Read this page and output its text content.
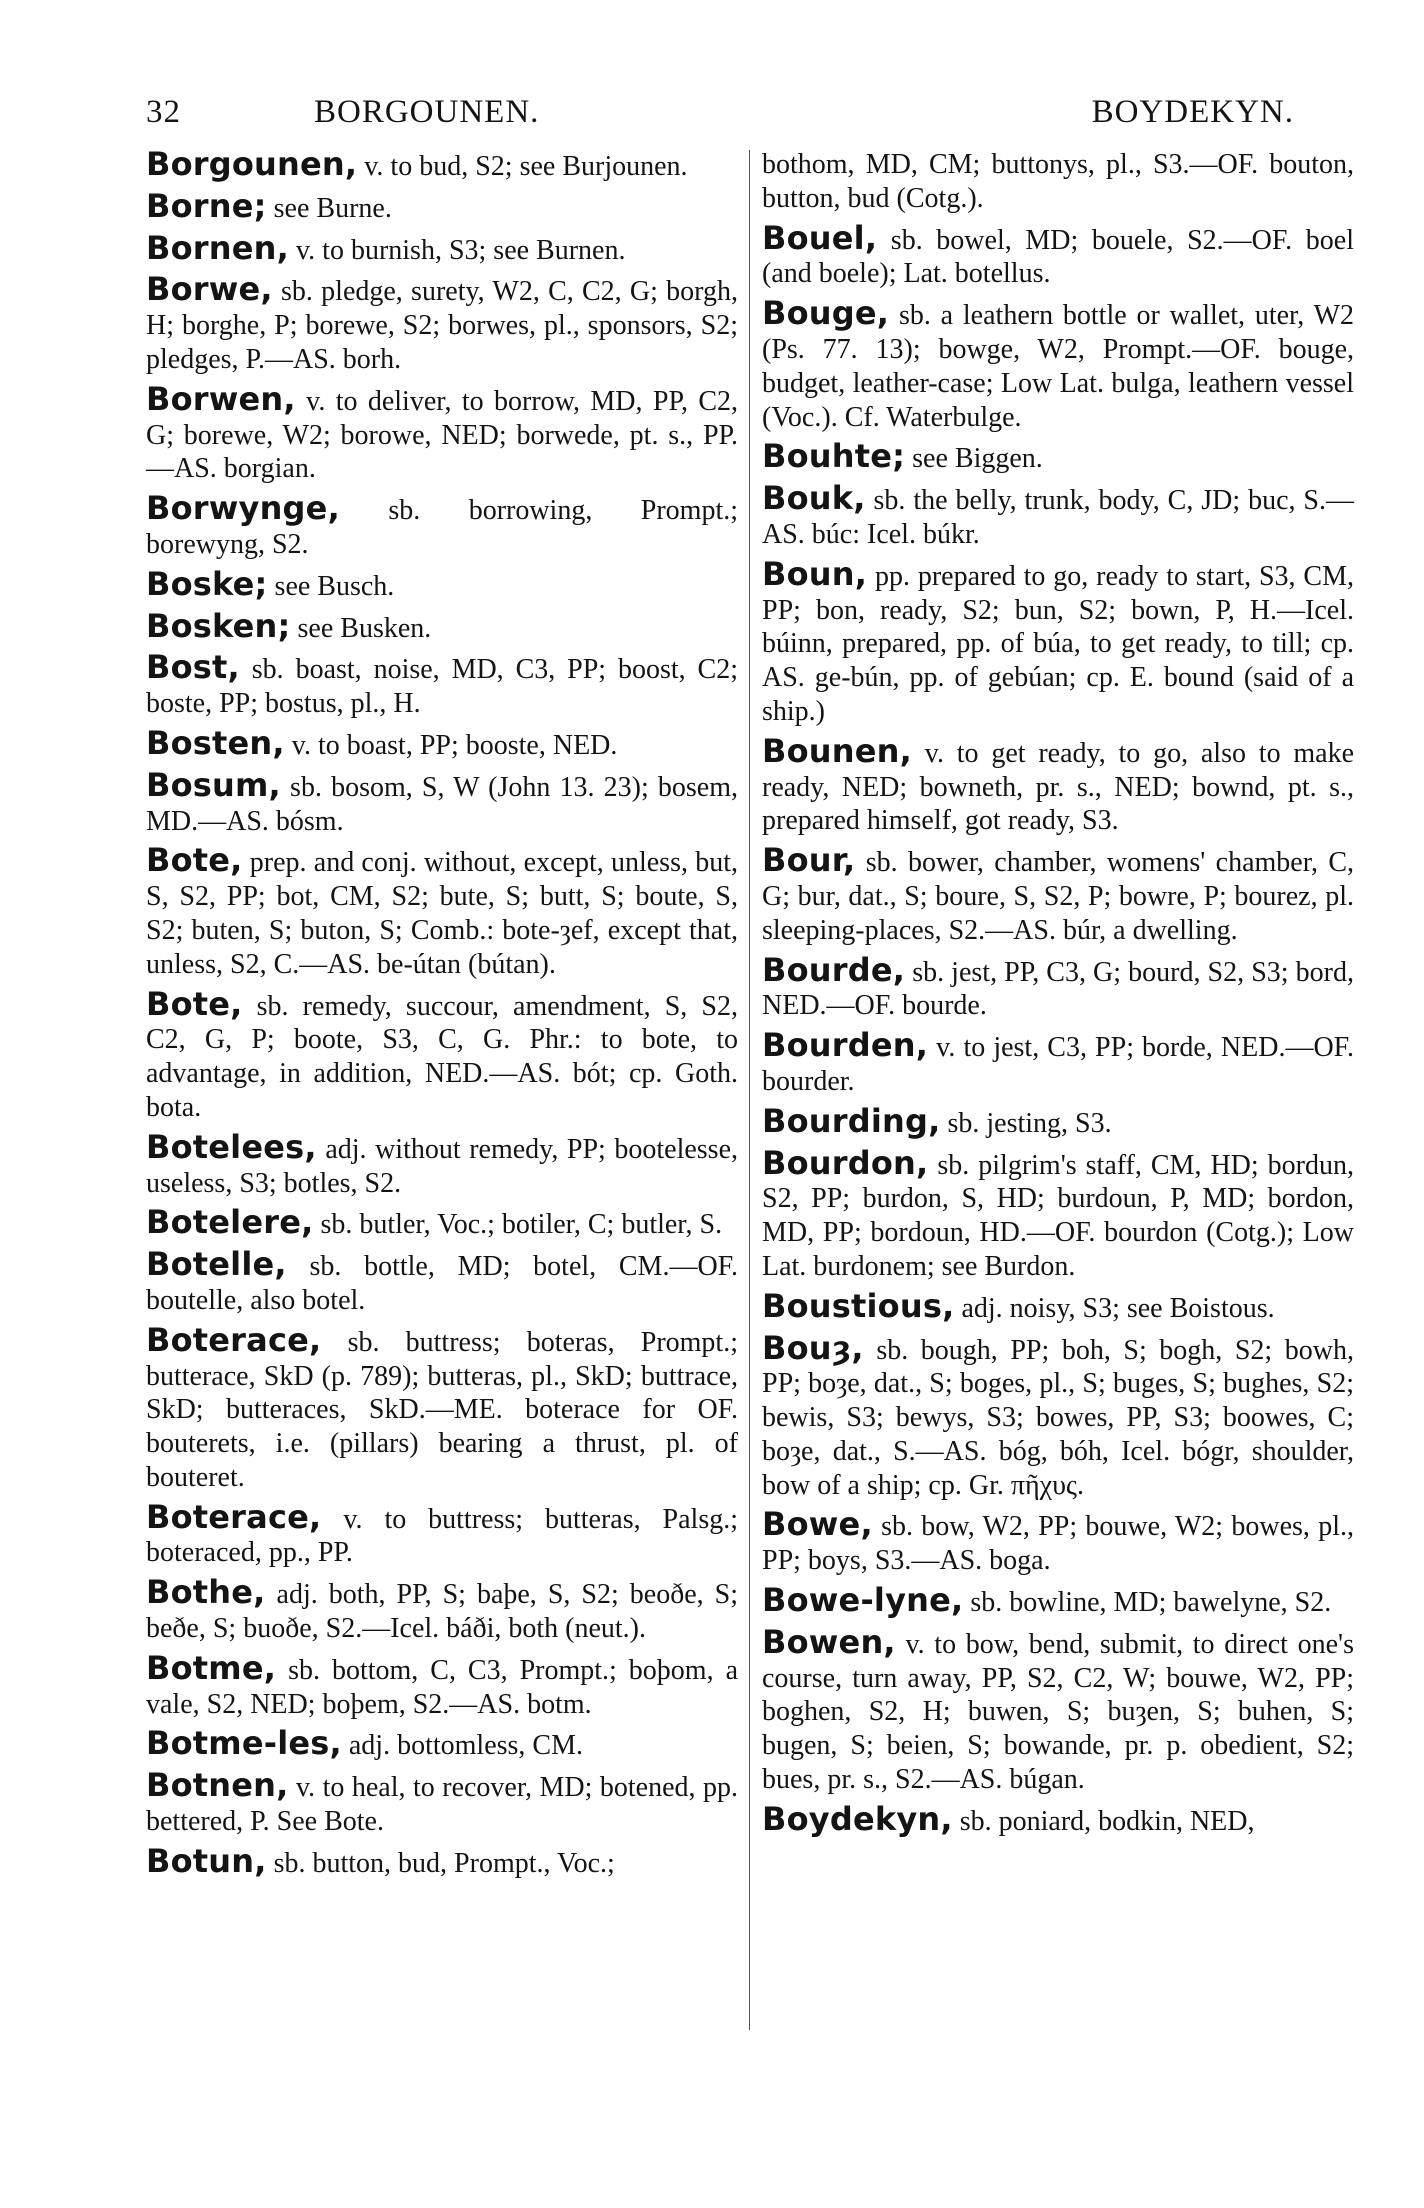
32	BORGOUNEN.	BOYDEKYN.
Borgounen, v. to bud, S2; see Burjounen.
Borne; see Burne.
Bornen, v. to burnish, S3; see Burnen.
Borwe, sb. pledge, surety, W2, C, C2, G; borgh, H; borghe, P; borewe, S2; borwes, pl., sponsors, S2; pledges, P.—AS. borh.
Borwen, v. to deliver, to borrow, MD, PP, C2, G; borewe, W2; borowe, NED; borwede, pt. s., PP.—AS. borgian.
Borwynge, sb. borrowing, Prompt.; borewyng, S2.
Boske; see Busch.
Bosken; see Busken.
Bost, sb. boast, noise, MD, C3, PP; boost, C2; boste, PP; bostus, pl., H.
Bosten, v. to boast, PP; booste, NED.
Bosum, sb. bosom, S, W (John 13. 23); bosem, MD.—AS. bósm.
Bote, prep. and conj. without, except, unless, but, S, S2, PP; bot, CM, S2; bute, S; butt, S; boute, S, S2; buten, S; buton, S; Comb.: bote-ȝef, except that, unless, S2, C.—AS. be-útan (bútan).
Bote, sb. remedy, succour, amendment, S, S2, C2, G, P; boote, S3, C, G. Phr.: to bote, to advantage, in addition, NED.—AS. bót; cp. Goth. bota.
Botelees, adj. without remedy, PP; bootelesse, useless, S3; botles, S2.
Botelere, sb. butler, Voc.; botiler, C; butler, S.
Botelle, sb. bottle, MD; botel, CM.—OF. boutelle, also botel.
Boterace, sb. buttress; boteras, Prompt.; butterace, SkD (p. 789); butteras, pl., SkD; buttrace, SkD; butteraces, SkD.—ME. boterace for OF. bouterets, i.e. (pillars) bearing a thrust, pl. of bouteret.
Boterace, v. to buttress; butteras, Palsg.; boteraced, pp., PP.
Bothe, adj. both, PP, S; baþe, S, S2; beoðe, S; beðe, S; buoðe, S2.—Icel. báði, both (neut.).
Botme, sb. bottom, C, C3, Prompt.; boþom, a vale, S2, NED; boþem, S2.—AS. botm.
Botme-les, adj. bottomless, CM.
Botnen, v. to heal, to recover, MD; botened, pp. bettered, P. See Bote.
Botun, sb. button, bud, Prompt., Voc.;
bothom, MD, CM; buttonys, pl., S3.—OF. bouton, button, bud (Cotg.).
Bouel, sb. bowel, MD; bouele, S2.—OF. boel (and boele); Lat. botellus.
Bouge, sb. a leathern bottle or wallet, uter, W2 (Ps. 77. 13); bowge, W2, Prompt.—OF. bouge, budget, leather-case; Low Lat. bulga, leathern vessel (Voc.). Cf. Waterbulge.
Bouhte; see Biggen.
Bouk, sb. the belly, trunk, body, C, JD; buc, S.—AS. búc: Icel. búkr.
Boun, pp. prepared to go, ready to start, S3, CM, PP; bon, ready, S2; bun, S2; bown, P, H.—Icel. búinn, prepared, pp. of búa, to get ready, to till; cp. AS. ge-bún, pp. of gebúan; cp. E. bound (said of a ship.)
Bounen, v. to get ready, to go, also to make ready, NED; bowneth, pr. s., NED; bownd, pt. s., prepared himself, got ready, S3.
Bour, sb. bower, chamber, womens' chamber, C, G; bur, dat., S; boure, S, S2, P; bowre, P; bourez, pl. sleeping-places, S2.—AS. búr, a dwelling.
Bourde, sb. jest, PP, C3, G; bourd, S2, S3; bord, NED.—OF. bourde.
Bourden, v. to jest, C3, PP; borde, NED.—OF. bourder.
Bourding, sb. jesting, S3.
Bourdon, sb. pilgrim's staff, CM, HD; bordun, S2, PP; burdon, S, HD; burdoun, P, MD; bordon, MD, PP; bordoun, HD.—OF. bourdon (Cotg.); Low Lat. burdonem; see Burdon.
Boustious, adj. noisy, S3; see Boistous.
Bouȝ, sb. bough, PP; boh, S; bogh, S2; bowh, PP; boȝe, dat., S; boges, pl., S; buges, S; bughes, S2; bewis, S3; bewys, S3; bowes, PP, S3; boowes, C; boȝe, dat., S.—AS. bóg, bóh, Icel. bógr, shoulder, bow of a ship; cp. Gr. πῆχυς.
Bowe, sb. bow, W2, PP; bouwe, W2; bowes, pl., PP; boys, S3.—AS. boga.
Bowe-lyne, sb. bowline, MD; bawelyne, S2.
Bowen, v. to bow, bend, submit, to direct one's course, turn away, PP, S2, C2, W; bouwe, W2, PP; boghen, S2, H; buwen, S; buȝen, S; buhen, S; bugen, S; beien, S; bowande, pr. p. obedient, S2; bues, pr. s., S2.—AS. búgan.
Boydekyn, sb. poniard, bodkin, NED,
